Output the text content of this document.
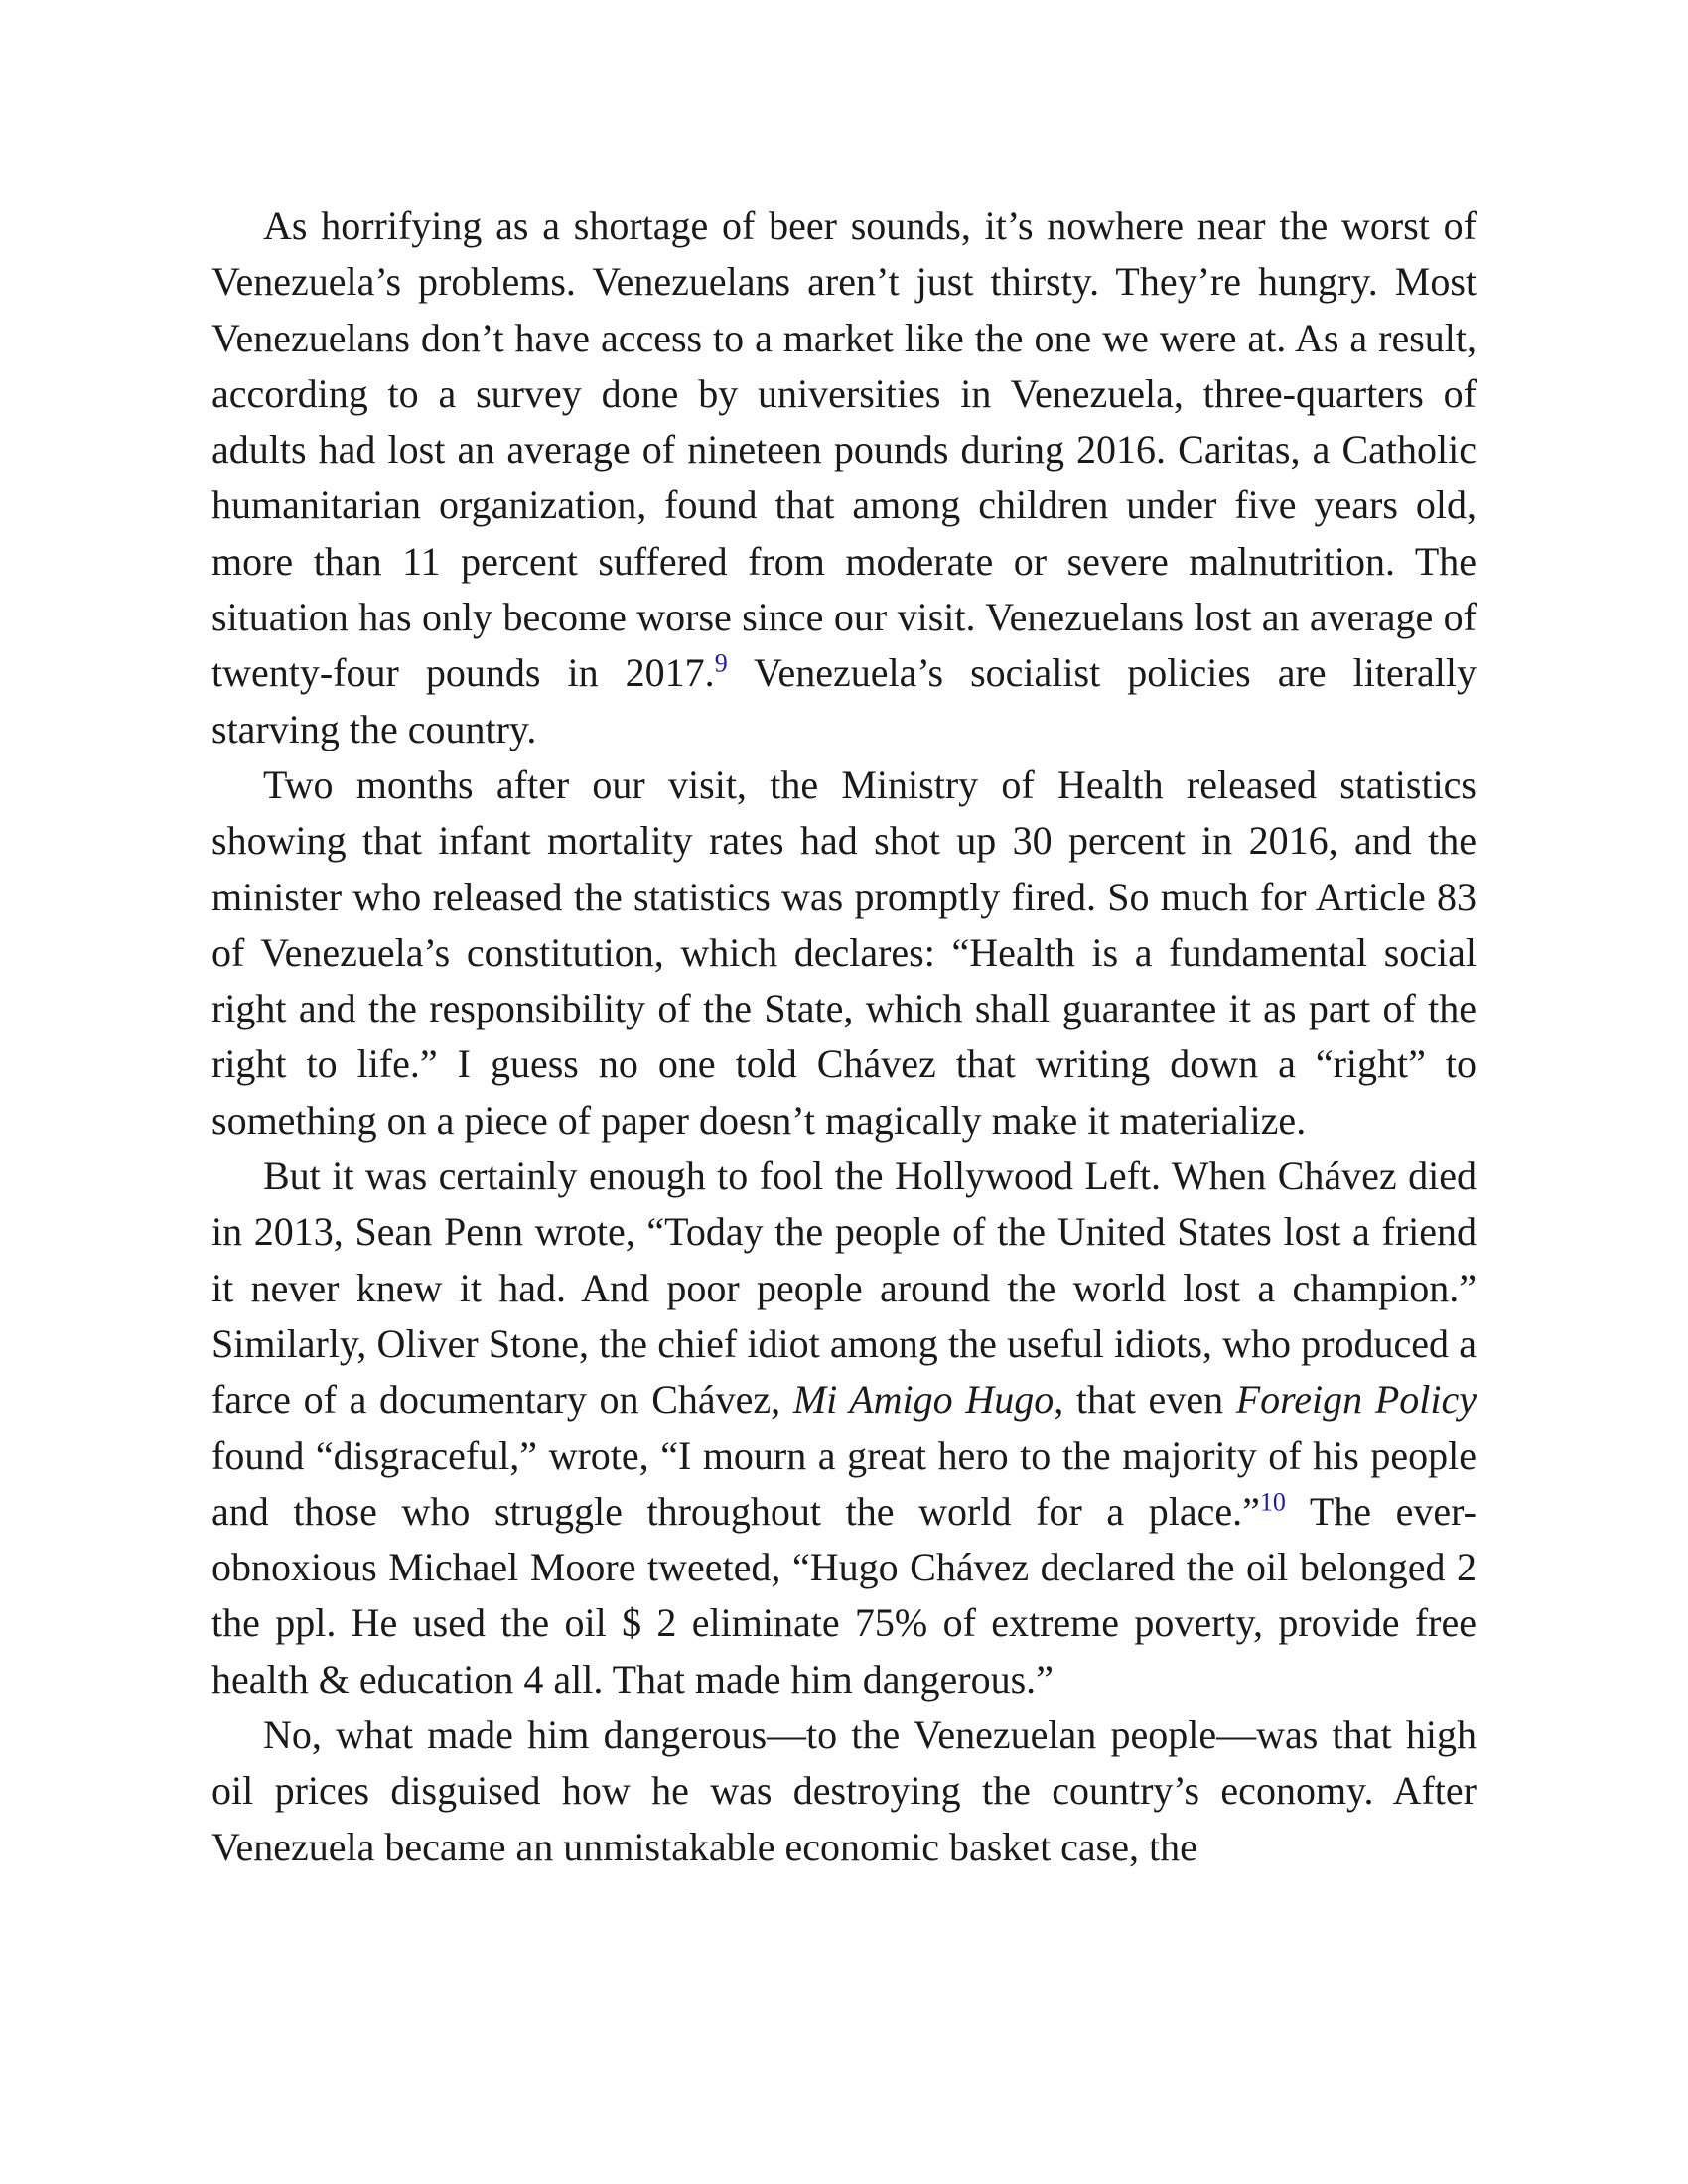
As horrifying as a shortage of beer sounds, it’s nowhere near the worst of Venezuela’s problems. Venezuelans aren’t just thirsty. They’re hungry. Most Venezuelans don’t have access to a market like the one we were at. As a result, according to a survey done by universities in Venezuela, three-quarters of adults had lost an average of nineteen pounds during 2016. Caritas, a Catholic humanitarian organization, found that among children under five years old, more than 11 percent suffered from moderate or severe malnutrition. The situation has only become worse since our visit. Venezuelans lost an average of twenty-four pounds in 2017.$^9$ Venezuela’s socialist policies are literally starving the country.

Two months after our visit, the Ministry of Health released statistics showing that infant mortality rates had shot up 30 percent in 2016, and the minister who released the statistics was promptly fired. So much for Article 83 of Venezuela’s constitution, which declares: “Health is a fundamental social right and the responsibility of the State, which shall guarantee it as part of the right to life.” I guess no one told Chávez that writing down a “right” to something on a piece of paper doesn’t magically make it materialize.

But it was certainly enough to fool the Hollywood Left. When Chávez died in 2013, Sean Penn wrote, “Today the people of the United States lost a friend it never knew it had. And poor people around the world lost a champion.” Similarly, Oliver Stone, the chief idiot among the useful idiots, who produced a farce of a documentary on Chávez, Mi Amigo Hugo, that even Foreign Policy found “disgraceful,” wrote, “I mourn a great hero to the majority of his people and those who struggle throughout the world for a place.”$^{10}$ The ever-obnoxious Michael Moore tweeted, “Hugo Chávez declared the oil belonged 2 the ppl. He used the oil $ 2 eliminate 75% of extreme poverty, provide free health & education 4 all. That made him dangerous.”

No, what made him dangerous—to the Venezuelan people—was that high oil prices disguised how he was destroying the country’s economy. After Venezuela became an unmistakable economic basket case, the
